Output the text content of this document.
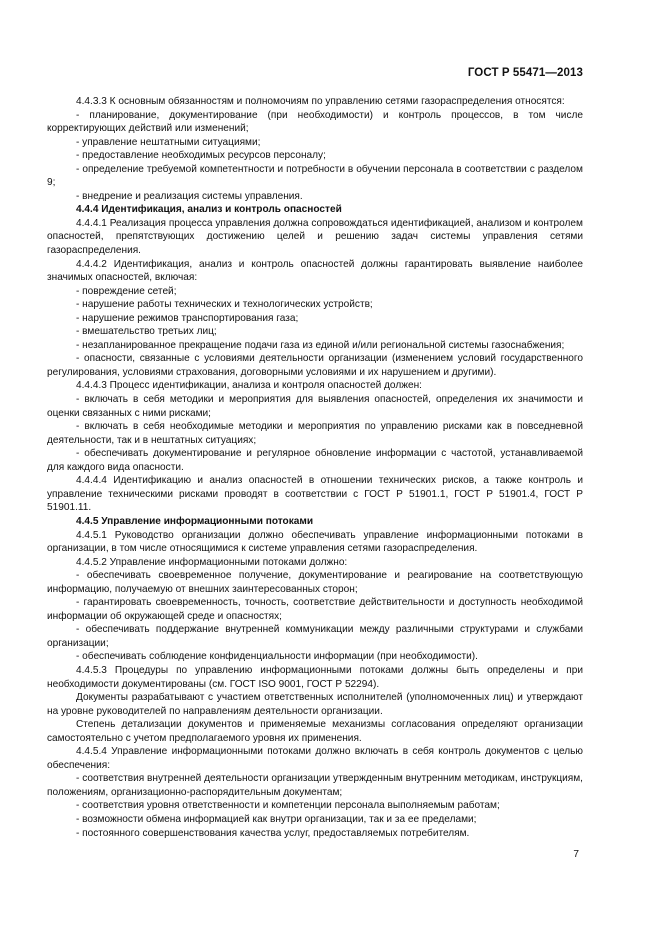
ГОСТ Р 55471—2013

4.4.3.3 К основным обязанностям и полномочиям по управлению сетями газораспределения относятся:

- планирование, документирование (при необходимости) и контроль процессов, в том числе корректирующих действий или изменений;

- управление нештатными ситуациями;

- предоставление необходимых ресурсов персоналу;

- определение требуемой компетентности и потребности в обучении персонала в соответствии с разделом 9;

- внедрение и реализация системы управления.

4.4.4 Идентификация, анализ и контроль опасностей

4.4.4.1 Реализация процесса управления должна сопровождаться идентификацией, анализом и контролем опасностей, препятствующих достижению целей и решению задач системы управления сетями газораспределения.

4.4.4.2 Идентификация, анализ и контроль опасностей должны гарантировать выявление наиболее значимых опасностей, включая:

- повреждение сетей;

- нарушение работы технических и технологических устройств;

- нарушение режимов транспортирования газа;

- вмешательство третьих лиц;

- незапланированное прекращение подачи газа из единой и/или региональной системы газоснабжения;

- опасности, связанные с условиями деятельности организации (изменением условий государственного регулирования, условиями страхования, договорными условиями и их нарушением и другими).

4.4.4.3 Процесс идентификации, анализа и контроля опасностей должен:

- включать в себя методики и мероприятия для выявления опасностей, определения их значимости и оценки связанных с ними рисками;

- включать в себя необходимые методики и мероприятия по управлению рисками как в повседневной деятельности, так и в нештатных ситуациях;

- обеспечивать документирование и регулярное обновление информации с частотой, устанавливаемой для каждого вида опасности.

4.4.4.4 Идентификацию и анализ опасностей в отношении технических рисков, а также контроль и управление техническими рисками проводят в соответствии с ГОСТ Р 51901.1, ГОСТ Р 51901.4, ГОСТ Р 51901.11.

4.4.5 Управление информационными потоками

4.4.5.1 Руководство организации должно обеспечивать управление информационными потоками в организации, в том числе относящимися к системе управления сетями газораспределения.

4.4.5.2 Управление информационными потоками должно:

- обеспечивать своевременное получение, документирование и реагирование на соответствующую информацию, получаемую от внешних заинтересованных сторон;

- гарантировать своевременность, точность, соответствие действительности и доступность необходимой информации об окружающей среде и опасностях;

- обеспечивать поддержание внутренней коммуникации между различными структурами и службами организации;

- обеспечивать соблюдение конфиденциальности информации (при необходимости).

4.4.5.3 Процедуры по управлению информационными потоками должны быть определены и при необходимости документированы (см. ГОСТ ISO 9001, ГОСТ Р 52294).

Документы разрабатывают с участием ответственных исполнителей (уполномоченных лиц) и утверждают на уровне руководителей по направлениям деятельности организации.

Степень детализации документов и применяемые механизмы согласования определяют организации самостоятельно с учетом предполагаемого уровня их применения.

4.4.5.4 Управление информационными потоками должно включать в себя контроль документов с целью обеспечения:

- соответствия внутренней деятельности организации утвержденным внутренним методикам, инструкциям, положениям, организационно-распорядительным документам;

- соответствия уровня ответственности и компетенции персонала выполняемым работам;

- возможности обмена информацией как внутри организации, так и за ее пределами;

- постоянного совершенствования качества услуг, предоставляемых потребителям.

7
